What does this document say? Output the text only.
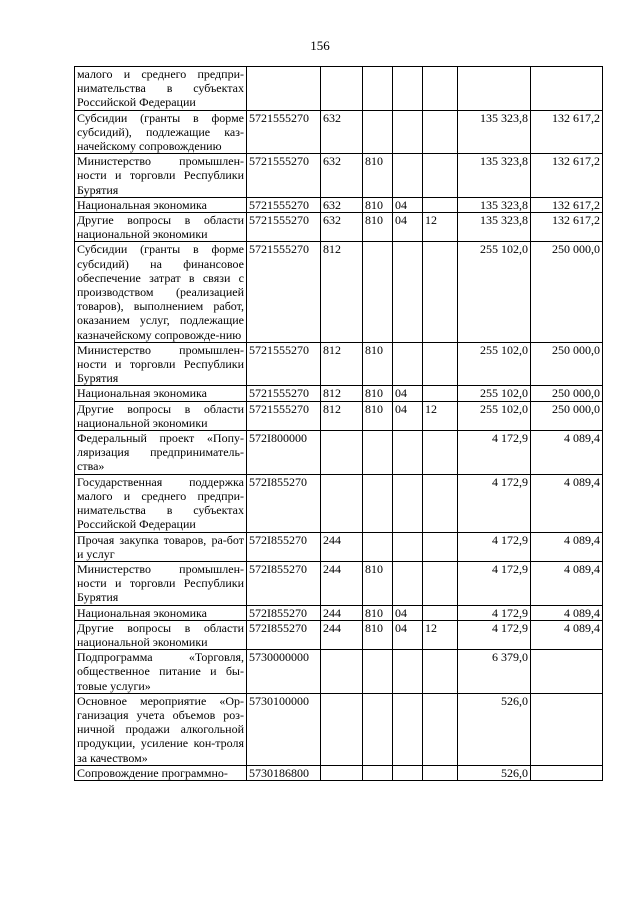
156
малого и среднего предпри-нимательства в субъектах Российской Федерации							
Субсидии (гранты в форме субсидий), подлежащие каз-начейскому сопровождению	5721555270	632				135 323,8	132 617,2
Министерство промышлен-ности и торговли Республики Бурятия	5721555270	632	810			135 323,8	132 617,2
Национальная экономика	5721555270	632	810	04		135 323,8	132 617,2
Другие вопросы в области национальной экономики	5721555270	632	810	04	12	135 323,8	132 617,2
Субсидии (гранты в форме субсидий) на финансовое обеспечение затрат в связи с производством (реализацией товаров), выполнением работ, оказанием услуг, подлежащие казначейскому сопровожде-нию	5721555270	812				255 102,0	250 000,0
Министерство промышлен-ности и торговли Республики Бурятия	5721555270	812	810			255 102,0	250 000,0
Национальная экономика	5721555270	812	810	04		255 102,0	250 000,0
Другие вопросы в области национальной экономики	5721555270	812	810	04	12	255 102,0	250 000,0
Федеральный проект «Попу-ляризация предприниматель-ства»	572I800000					4 172,9	4 089,4
Государственная поддержка малого и среднего предпри-нимательства в субъектах Российской Федерации	572I855270					4 172,9	4 089,4
Прочая закупка товаров, ра-бот и услуг	572I855270	244				4 172,9	4 089,4
Министерство промышлен-ности и торговли Республики Бурятия	572I855270	244	810			4 172,9	4 089,4
Национальная экономика	572I855270	244	810	04		4 172,9	4 089,4
Другие вопросы в области национальной экономики	572I855270	244	810	04	12	4 172,9	4 089,4
Подпрограмма «Торговля, общественное питание и бы-товые услуги»	5730000000					6 379,0	
Основное мероприятие «Ор-ганизация учета объемов роз-ничной продажи алкогольной продукции, усиление кон-троля за качеством»	5730100000					526,0	
Сопровождение программно-	5730186800					526,0	
